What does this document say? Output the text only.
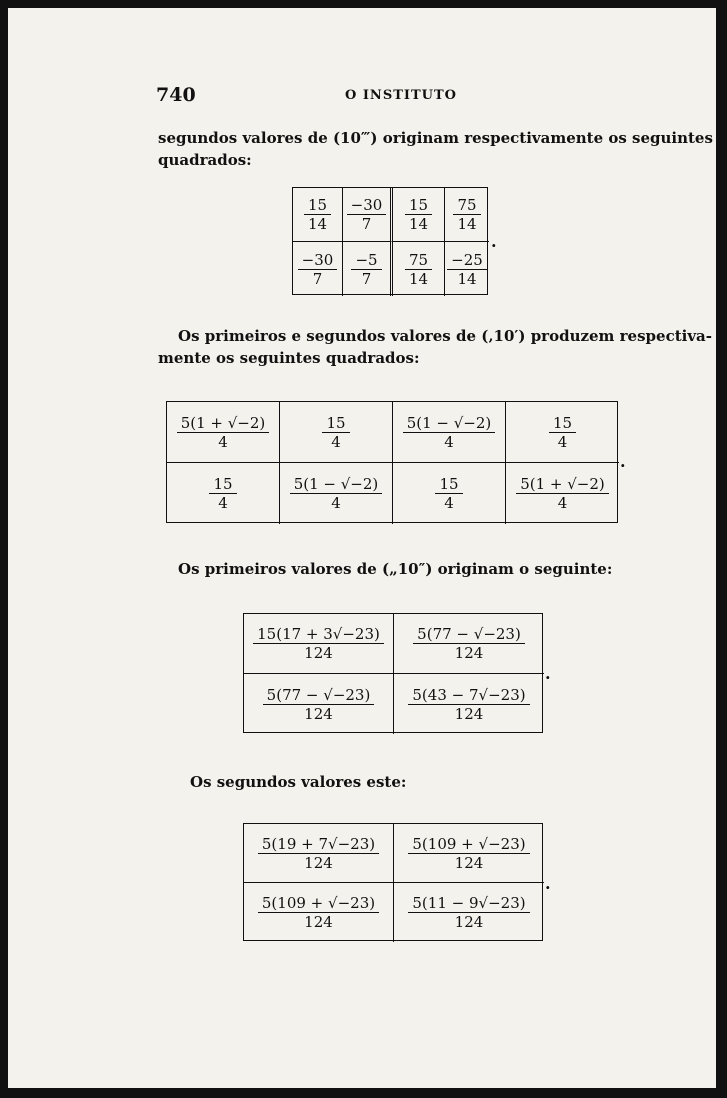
740	O INSTITUTO
segundos valores de (10‴) originam respectivamente os seguintes
quadrados:
$\frac{15}{14} \frac{-30}{7} \frac{15}{14} \frac{75}{14}$
$\frac{-30}{7} \frac{-5}{7} \frac{75}{14} \frac{-25}{14}$
.
Os primeiros e segundos valores de (‚10′) produzem respectiva-
mente os seguintes quadrados:
$\frac{5(1 + √-2)}{4}$	$\frac{15}{4}$	$\frac{5(1 - √-2)}{4}$	$\frac{15}{4}$
$\frac{15}{4}$	$\frac{5(1 - √-2)}{4}$	$\frac{15}{4}$	$\frac{5(1 + √-2)}{4}$
.
Os primeiros valores de („10″) originam o seguinte:
$\frac{15(17 + 3√-23)}{124} \frac{5(77 - √-23)}{124}$
$\frac{5(77 - √-23)}{124} \frac{5(43 - 7√-23)}{124}$
.
Os segundos valores este:
$\frac{5(19 + 7√-23)}{124} \frac{5(109 + √-23)}{124}$
$\frac{5(109 + √-23)}{124} \frac{5(11 - 9√-23)}{124}$
.
